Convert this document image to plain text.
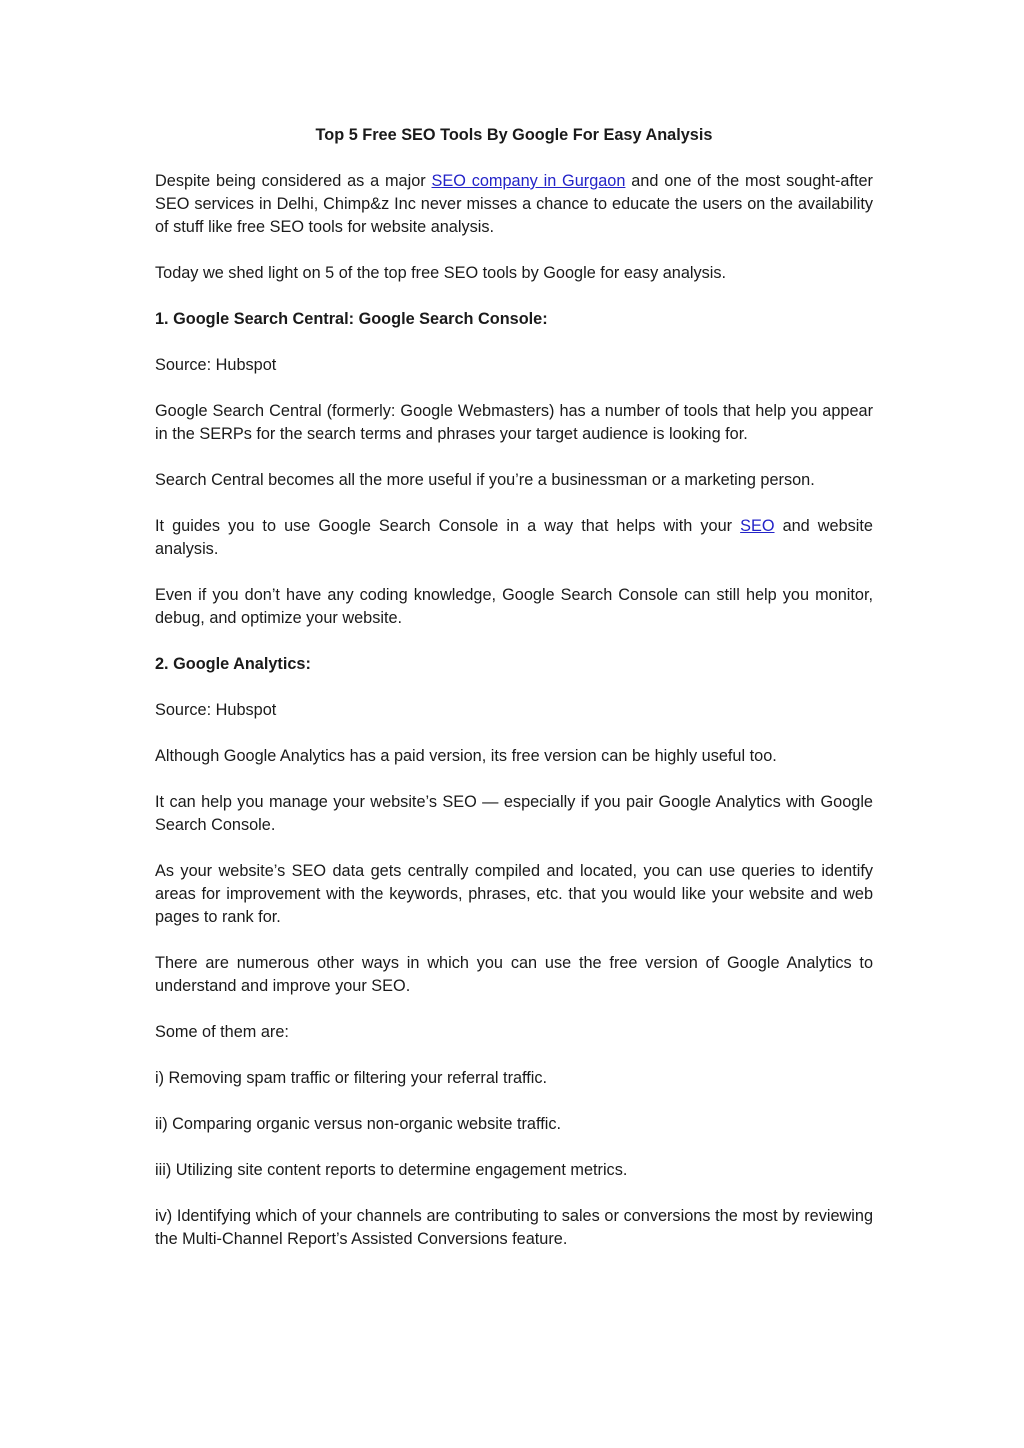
Top 5 Free SEO Tools By Google For Easy Analysis

Despite being considered as a major SEO company in Gurgaon and one of the most sought-after SEO services in Delhi, Chimp&z Inc never misses a chance to educate the users on the availability of stuff like free SEO tools for website analysis.

Today we shed light on 5 of the top free SEO tools by Google for easy analysis.

1. Google Search Central: Google Search Console:

Source: Hubspot

Google Search Central (formerly: Google Webmasters) has a number of tools that help you appear in the SERPs for the search terms and phrases your target audience is looking for.

Search Central becomes all the more useful if you’re a businessman or a marketing person.

It guides you to use Google Search Console in a way that helps with your SEO and website analysis.

Even if you don’t have any coding knowledge, Google Search Console can still help you monitor, debug, and optimize your website.

2. Google Analytics:

Source: Hubspot

Although Google Analytics has a paid version, its free version can be highly useful too.

It can help you manage your website’s SEO — especially if you pair Google Analytics with Google Search Console.

As your website’s SEO data gets centrally compiled and located, you can use queries to identify areas for improvement with the keywords, phrases, etc. that you would like your website and web pages to rank for.

There are numerous other ways in which you can use the free version of Google Analytics to understand and improve your SEO.

Some of them are:

i) Removing spam traffic or filtering your referral traffic.

ii) Comparing organic versus non-organic website traffic.

iii) Utilizing site content reports to determine engagement metrics.

iv) Identifying which of your channels are contributing to sales or conversions the most by reviewing the Multi-Channel Report’s Assisted Conversions feature.
